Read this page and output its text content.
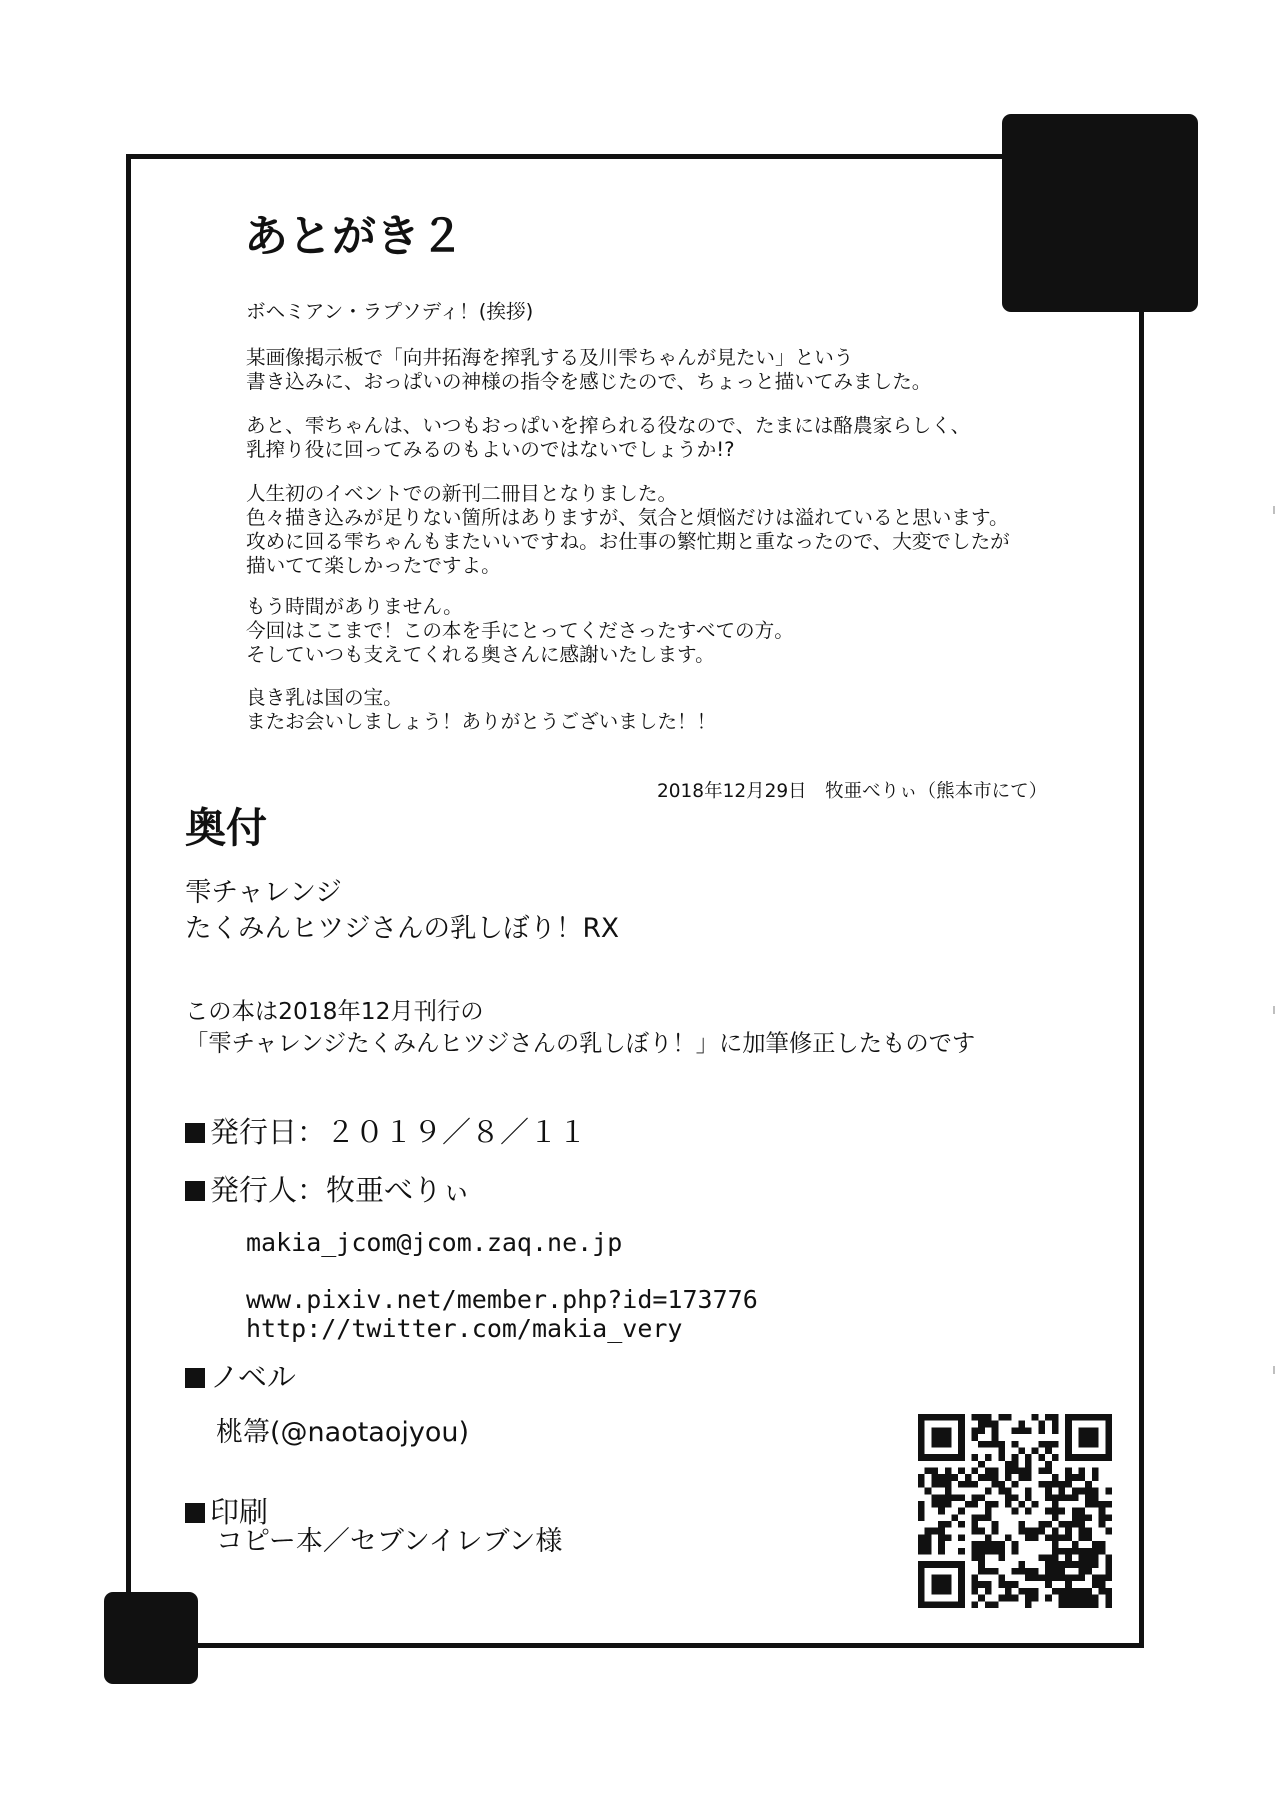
あとがき２
ボヘミアン・ラプソディ！(挨拶)
某画像掲示板で「向井拓海を搾乳する及川雫ちゃんが見たい」という
書き込みに、おっぱいの神様の指令を感じたので、ちょっと描いてみました。
あと、雫ちゃんは、いつもおっぱいを搾られる役なので、たまには酪農家らしく、
乳搾り役に回ってみるのもよいのではないでしょうか!?
人生初のイベントでの新刊二冊目となりました。
色々描き込みが足りない箇所はありますが、気合と煩悩だけは溢れていると思います。
攻めに回る雫ちゃんもまたいいですね。お仕事の繁忙期と重なったので、大変でしたが
描いてて楽しかったですよ。
もう時間がありません。
今回はここまで！この本を手にとってくださったすべての方。
そしていつも支えてくれる奥さんに感謝いたします。
良き乳は国の宝。
またお会いしましょう！ありがとうございました！！
2018年12月29日　牧亜べりぃ（熊本市にて）
奥付
雫チャレンジ
たくみんヒツジさんの乳しぼり！RX
この本は2018年12月刊行の
「雫チャレンジたくみんヒツジさんの乳しぼり！」に加筆修正したものです
発行日：２０１９／８／１１
発行人：牧亜べりぃ
makia_jcom@jcom.zaq.ne.jp
www.pixiv.net/member.php?id=173776
http://twitter.com/makia_very
ノベル
桃箒(@naotaojyou)
印刷
コピー本／セブンイレブン様
